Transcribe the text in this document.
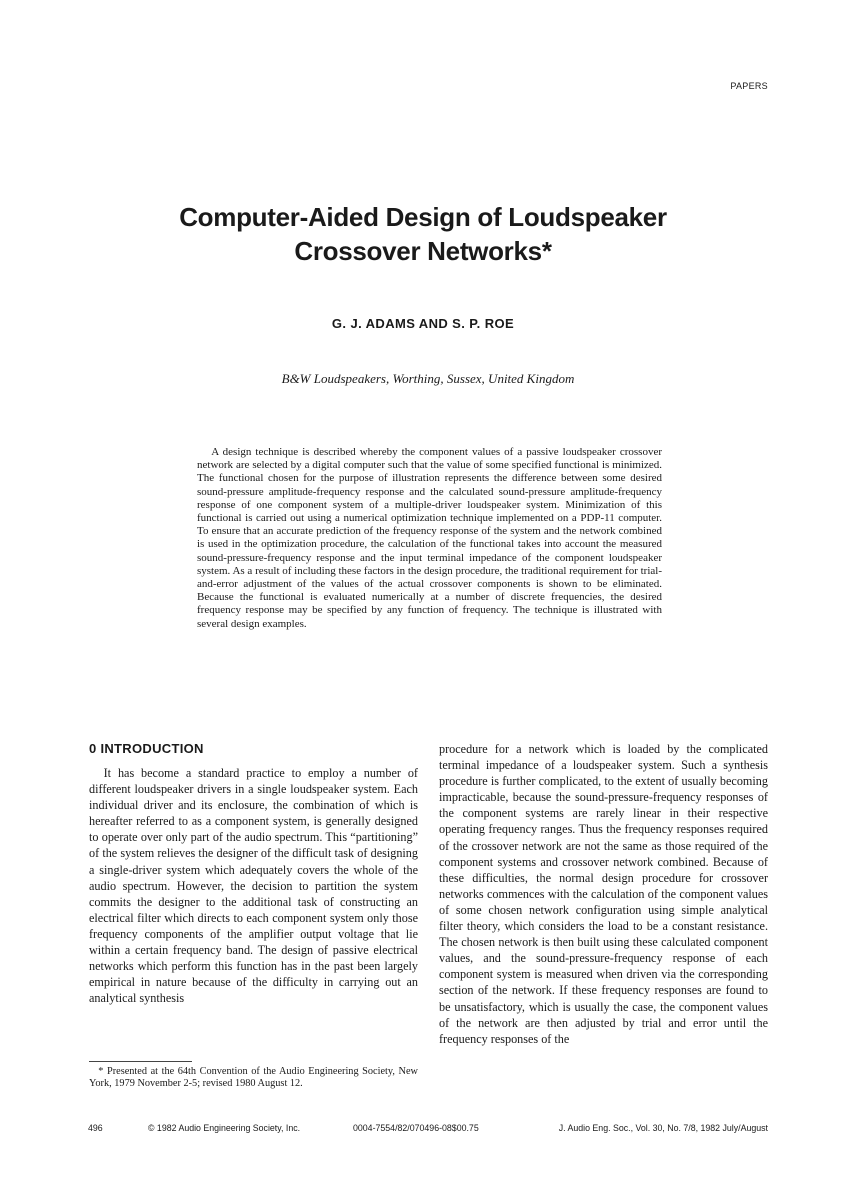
PAPERS
Computer-Aided Design of Loudspeaker
Crossover Networks*
G. J. ADAMS AND S. P. ROE
B&W Loudspeakers, Worthing, Sussex, United Kingdom

A design technique is described whereby the component values of a passive loudspeaker crossover network are selected by a digital computer such that the value of some specified functional is minimized. The functional chosen for the purpose of illustration represents the difference between some desired sound-pressure amplitude-frequency response and the calculated sound-pressure amplitude-frequency response of one component system of a multiple-driver loudspeaker system. Minimization of this functional is carried out using a numerical optimization technique implemented on a PDP-11 computer. To ensure that an accurate prediction of the frequency response of the system and the network combined is used in the optimization procedure, the calculation of the functional takes into account the measured sound-pressure-frequency response and the input terminal impedance of the component loudspeaker system. As a result of including these factors in the design procedure, the traditional requirement for trial-and-error adjustment of the values of the actual crossover components is shown to be eliminated. Because the functional is evaluated numerically at a number of discrete frequencies, the desired frequency response may be specified by any function of frequency. The technique is illustrated with several design examples.

0 INTRODUCTION

It has become a standard practice to employ a number of different loudspeaker drivers in a single loudspeaker system. Each individual driver and its enclosure, the combination of which is hereafter referred to as a component system, is generally designed to operate over only part of the audio spectrum. This “partitioning” of the system relieves the designer of the difficult task of designing a single-driver system which adequately covers the whole of the audio spectrum. However, the decision to partition the system commits the designer to the additional task of constructing an electrical filter which directs to each component system only those frequency components of the amplifier output voltage that lie within a certain frequency band. The design of passive electrical networks which perform this function has in the past been largely empirical in nature because of the difficulty in carrying out an analytical synthesis

procedure for a network which is loaded by the complicated terminal impedance of a loudspeaker system. Such a synthesis procedure is further complicated, to the extent of usually becoming impracticable, because the sound-pressure-frequency responses of the component systems are rarely linear in their respective operating frequency ranges. Thus the frequency responses required of the crossover network are not the same as those required of the component systems and crossover network combined. Because of these difficulties, the normal design procedure for crossover networks commences with the calculation of the component values of some chosen network configuration using simple analytical filter theory, which considers the load to be a constant resistance. The chosen network is then built using these calculated component values, and the sound-pressure-frequency response of each component system is measured when driven via the corresponding section of the network. If these frequency responses are found to be unsatisfactory, which is usually the case, the component values of the network are then adjusted by trial and error until the frequency responses of the

* Presented at the 64th Convention of the Audio Engineering Society, New York, 1979 November 2-5; revised 1980 August 12.

496	© 1982 Audio Engineering Society, Inc.	0004-7554/82/070496-08$00.75	J. Audio Eng. Soc., Vol. 30, No. 7/8, 1982 July/August
